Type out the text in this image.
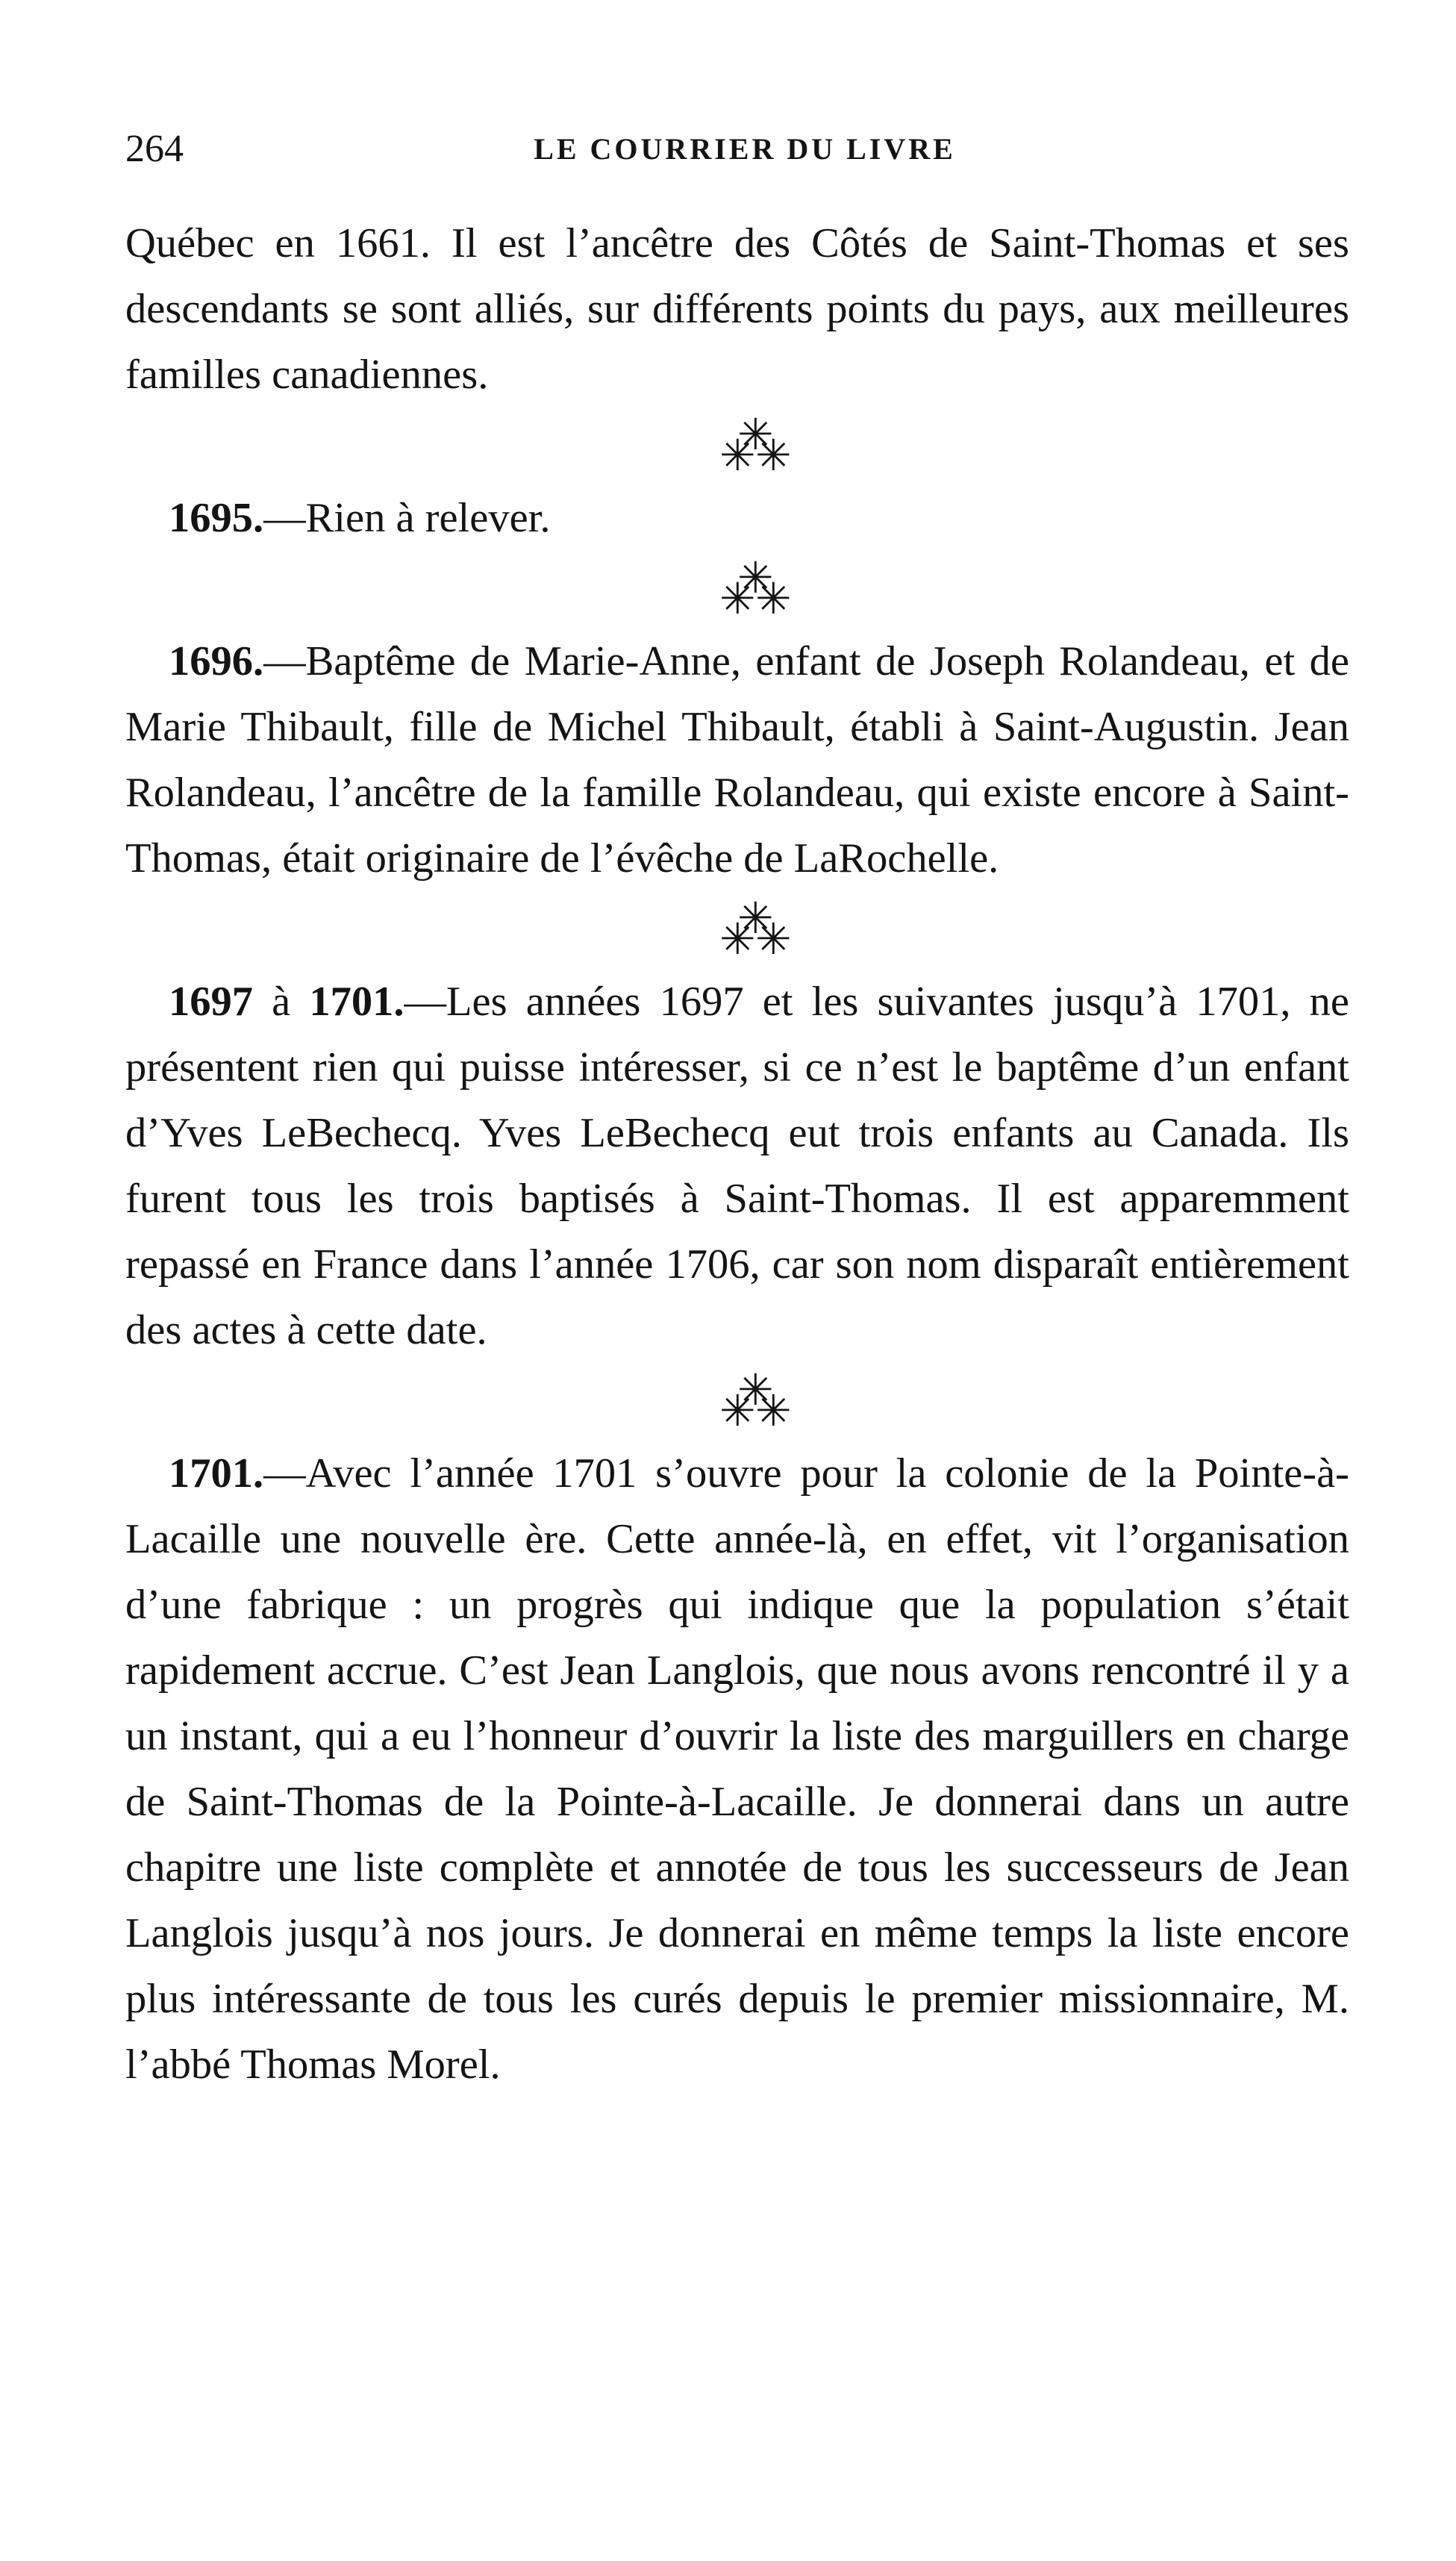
264	LE COURRIER DU LIVRE

Québec en 1661. Il est l’ancêtre des Côtés de Saint-Thomas et ses descendants se sont alliés, sur différents points du pays, aux meilleures familles canadiennes.

✳
✳
✳

1695.—Rien à relever.

✳
✳
✳

1696.—Baptême de Marie-Anne, enfant de Joseph Rolandeau, et de Marie Thibault, fille de Michel Thibault, établi à Saint-Augustin. Jean Rolandeau, l’ancêtre de la famille Rolandeau, qui existe encore à Saint-Thomas, était originaire de l’évêche de LaRochelle.

✳
✳
✳

1697 à 1701.—Les années 1697 et les suivantes jusqu’à 1701, ne présentent rien qui puisse intéresser, si ce n’est le baptême d’un enfant d’Yves LeBechecq. Yves LeBechecq eut trois enfants au Canada. Ils furent tous les trois baptisés à Saint-Thomas. Il est apparemment repassé en France dans l’année 1706, car son nom disparaît entièrement des actes à cette date.

✳
✳
✳

1701.—Avec l’année 1701 s’ouvre pour la colonie de la Pointe-à-Lacaille une nouvelle ère. Cette année-là, en effet, vit l’organisation d’une fabrique : un progrès qui indique que la population s’était rapidement accrue. C’est Jean Langlois, que nous avons rencontré il y a un instant, qui a eu l’honneur d’ouvrir la liste des marguillers en charge de Saint-Thomas de la Pointe-à-Lacaille. Je donnerai dans un autre chapitre une liste complète et annotée de tous les successeurs de Jean Langlois jusqu’à nos jours. Je donnerai en même temps la liste encore plus intéressante de tous les curés depuis le premier missionnaire, M. l’abbé Thomas Morel.
